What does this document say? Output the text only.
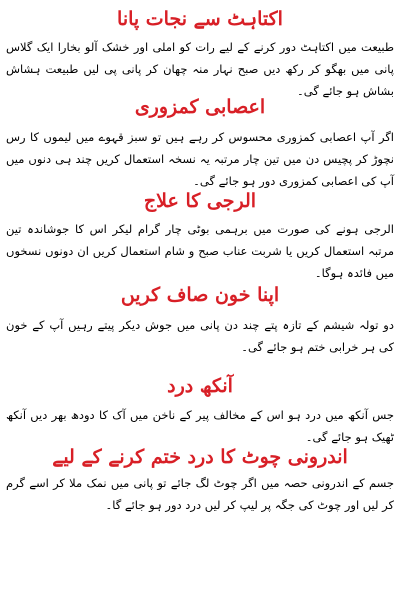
اکتاہٹ سے نجات پانا

طبیعت میں اکتاہٹ دور کرنے کے لیے رات کو املی اور خشک آلو بخارا ایک گلاس پانی میں بھگو کر رکھ دیں صبح نہار منہ چھان کر پانی پی لیں طبیعت ہشاش بشاش ہو جائے گی۔

اعصابی کمزوری

اگر آپ اعصابی کمزوری محسوس کر رہے ہیں تو سبز قہوے میں لیموں کا رس نچوڑ کر پچیس دن میں تین چار مرتبہ یہ نسخہ استعمال کریں چند ہی دنوں میں آپ کی اعصابی کمزوری دور ہو جائے گی۔

الرجی کا علاج

الرجی ہونے کی صورت میں برہمی بوٹی چار گرام لیکر اس کا جوشاندہ تین مرتبہ استعمال کریں یا شربت عناب صبح و شام استعمال کریں ان دونوں نسخوں میں فائدہ ہوگا۔

اپنا خون صاف کریں

دو تولہ شیشم کے تازہ پتے چند دن پانی میں جوش دیکر پیتے رہیں آپ کے خون کی ہر خرابی ختم ہو جائے گی۔

آنکھ درد

جس آنکھ میں درد ہو اس کے مخالف پیر کے ناخن میں آک کا دودھ بھر دیں آنکھ ٹھیک ہو جائے گی۔

اندرونی چوٹ کا درد ختم کرنے کے لیے

جسم کے اندرونی حصہ میں اگر چوٹ لگ جائے تو پانی میں نمک ملا کر اسے گرم کر لیں اور چوٹ کی جگہ پر لیپ کر لیں درد دور ہو جائے گا۔
